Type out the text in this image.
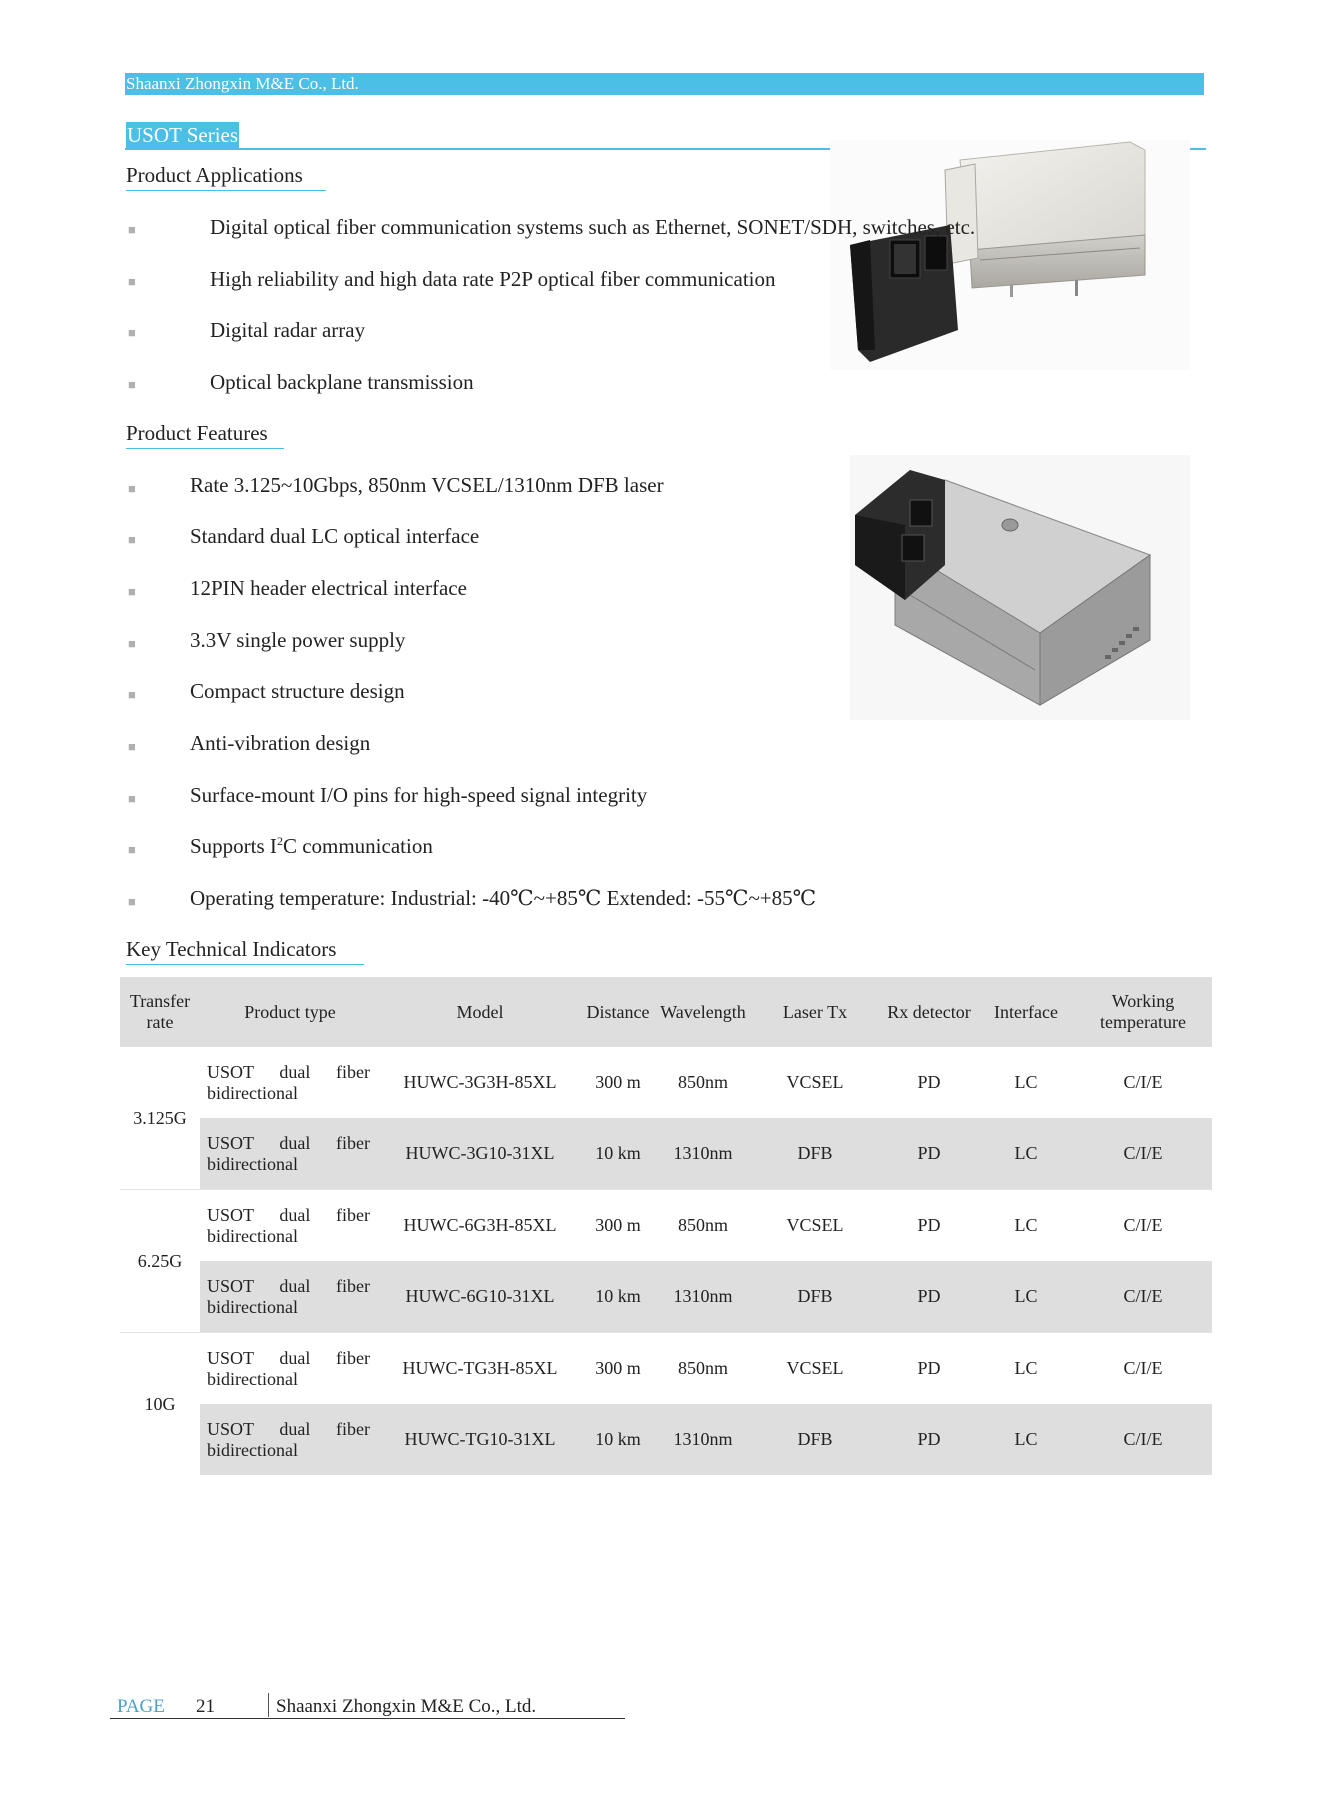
Shaanxi Zhongxin M&E Co., Ltd.
USOT Series
Product Applications
■	Digital optical fiber communication systems such as Ethernet, SONET/SDH, switches, etc.
■	High reliability and high data rate P2P optical fiber communication
■	Digital radar array
■	Optical backplane transmission
Product Features
■	Rate 3.125~10Gbps, 850nm VCSEL/1310nm DFB laser
■	Standard dual LC optical interface
■	12PIN header electrical interface
■	3.3V single power supply
■	Compact structure design
■	Anti-vibration design
■	Surface-mount I/O pins for high-speed signal integrity
■	Supports $I^2C$ communication
■	Operating temperature: Industrial: -40℃~+85℃ Extended: -55℃~+85℃
Key Technical Indicators
Transfer
rate	Product type	Model	Distance	Wavelength	Laser Tx	Rx detector	Interface	Working
temperature
3.125G	USOT dual fiber bidirectional	HUWC-3G3H-85XL	300 m	850nm	VCSEL	PD	LC	C/I/E

	USOT dual fiber bidirectional	HUWC-3G10-31XL	10 km	1310nm	DFB	PD	LC	C/I/E
6.25G	USOT dual fiber bidirectional	HUWC-6G3H-85XL	300 m	850nm	VCSEL	PD	LC	C/I/E

	USOT dual fiber bidirectional	HUWC-6G10-31XL	10 km	1310nm	DFB	PD	LC	C/I/E
10G	USOT dual fiber bidirectional	HUWC-TG3H-85XL	300 m	850nm	VCSEL	PD	LC	C/I/E

	USOT dual fiber bidirectional	HUWC-TG10-31XL	10 km	1310nm	DFB	PD	LC	C/I/E
PAGE 21	Shaanxi Zhongxin M&E Co., Ltd.
